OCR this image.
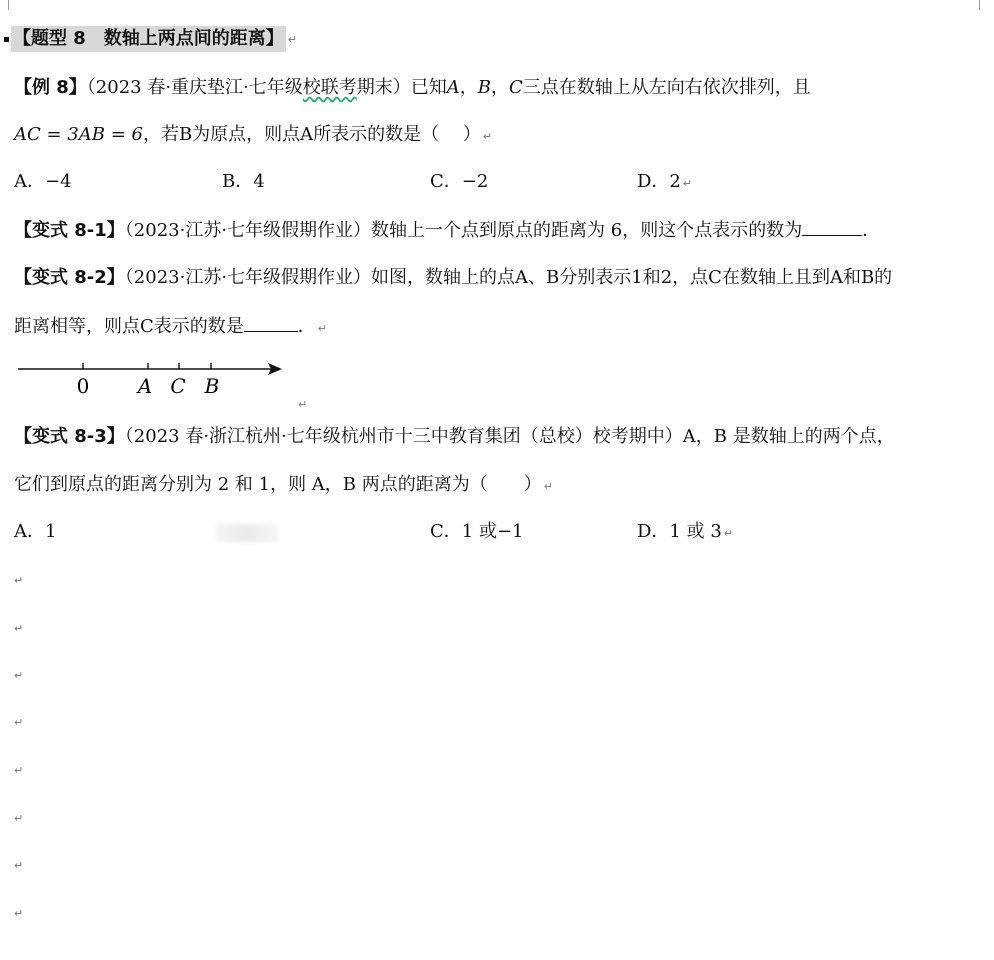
【题型 8　数轴上两点间的距离】 ↵
【例 8】（2023 春·重庆垫江·七年级校联考期末）已知A，B，C三点在数轴上从左向右依次排列，且
AC = 3AB = 6，若B为原点，则点A所表示的数是（　 ） ↵
A．−4	B．4	C．−2	D．2 ↵
【变式 8-1】（2023·江苏·七年级假期作业）数轴上一个点到原点的距离为 6，则这个点表示的数为	．
【变式 8-2】（2023·江苏·七年级假期作业）如图，数轴上的点A、B分别表示1和2，点C在数轴上且到A和B的
距离相等，则点C表示的数是	． ↵
0 A C B
↵
【变式 8-3】（2023 春·浙江杭州·七年级杭州市十三中教育集团（总校）校考期中）A，B 是数轴上的两个点，
它们到原点的距离分别为 2 和 1，则 A，B 两点的距离为（　　） ↵
A．1	C．1 或−1	D．1 或 3 ↵
↵
↵
↵
↵
↵
↵
↵
↵
